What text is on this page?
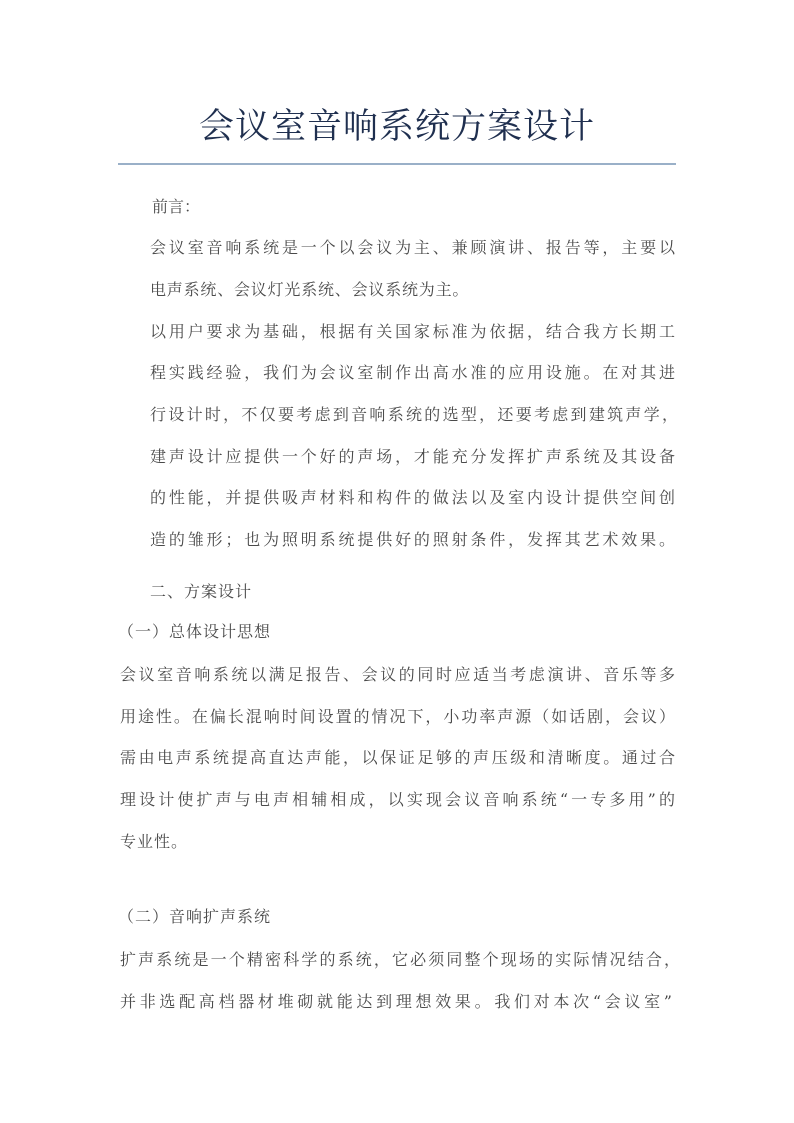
会议室音响系统方案设计
前言：
会议室音响系统是一个以会议为主、兼顾演讲、报告等，主要以
电声系统、会议灯光系统、会议系统为主。
以用户要求为基础，根据有关国家标准为依据，结合我方长期工
程实践经验，我们为会议室制作出高水准的应用设施。在对其进
行设计时，不仅要考虑到音响系统的选型，还要考虑到建筑声学，
建声设计应提供一个好的声场，才能充分发挥扩声系统及其设备
的性能，并提供吸声材料和构件的做法以及室内设计提供空间创
造的雏形；也为照明系统提供好的照射条件，发挥其艺术效果。
二、方案设计
（一）总体设计思想
会议室音响系统以满足报告、会议的同时应适当考虑演讲、音乐等多
用途性。在偏长混响时间设置的情况下，小功率声源（如话剧，会议）
需由电声系统提高直达声能，以保证足够的声压级和清晰度。通过合
理设计使扩声与电声相辅相成，以实现会议音响系统“一专多用”的
专业性。
（二）音响扩声系统
扩声系统是一个精密科学的系统，它必须同整个现场的实际情况结合，
并非选配高档器材堆砌就能达到理想效果。我们对本次“会议室”
